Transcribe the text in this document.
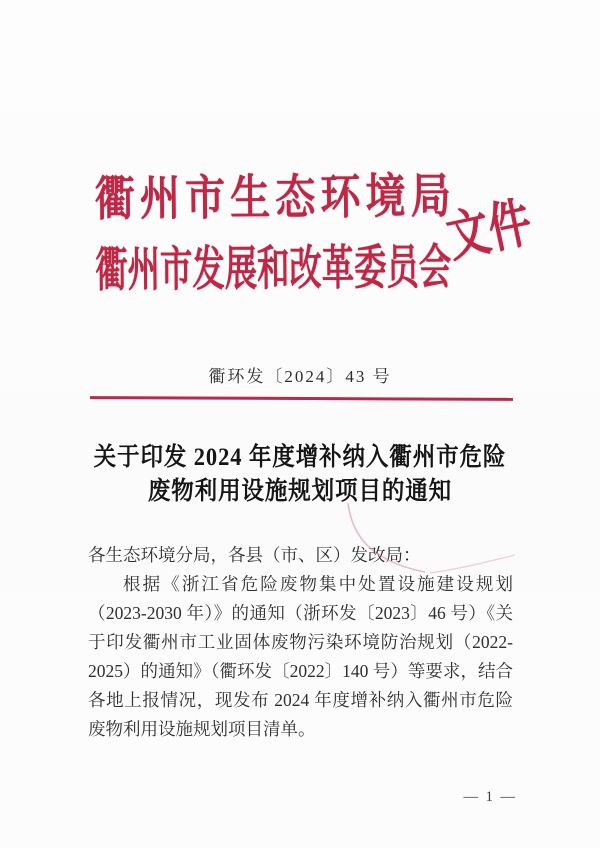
衢州市生态环境局
衢州市发展和改革委员会
文件
衢环发〔2024〕43 号
关于印发 2024 年度增补纳入衢州市危险
废物利用设施规划项目的通知

各生态环境分局，各县（市、区）发改局：

根据《浙江省危险废物集中处置设施建设规划（2023-2030 年）》的通知（浙环发〔2023〕46 号）《关于印发衢州市工业固体废物污染环境防治规划（2022-2025）的通知》（衢环发〔2022〕140 号）等要求，结合各地上报情况，现发布 2024 年度增补纳入衢州市危险废物利用设施规划项目清单。

— 1 —
